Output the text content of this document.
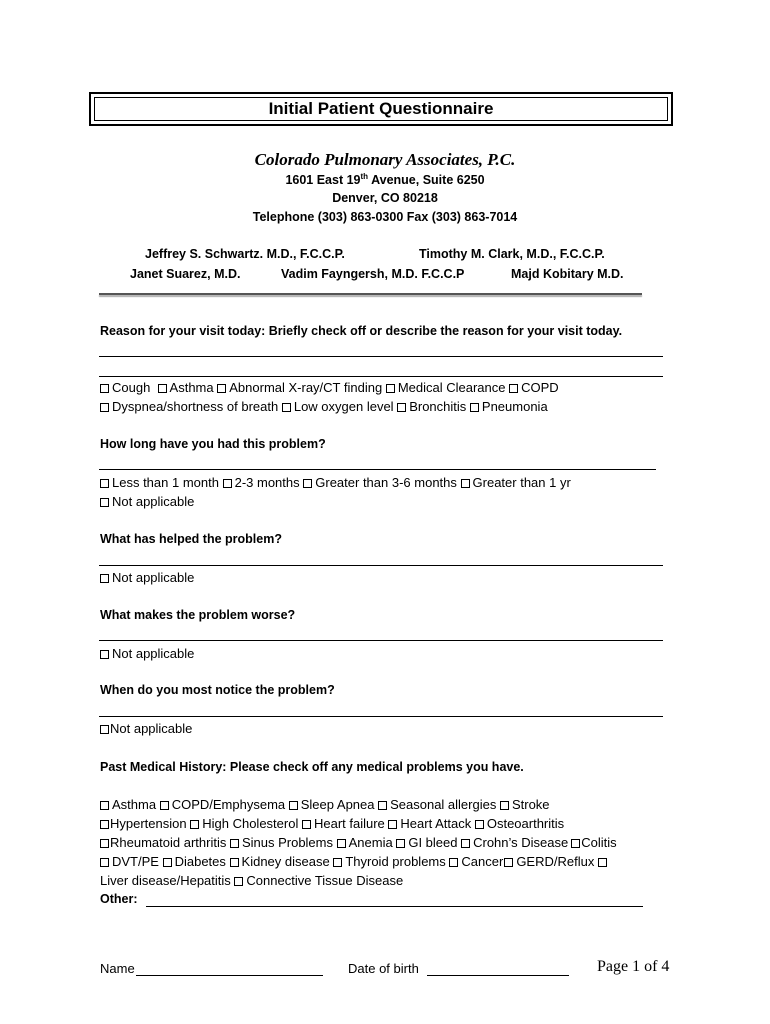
Initial Patient Questionnaire
Colorado Pulmonary Associates, P.C.
1601 East 19th Avenue, Suite 6250
Denver, CO 80218
Telephone (303) 863-0300 Fax (303) 863-7014
Jeffrey S. Schwartz. M.D., F.C.C.P.	Timothy M. Clark, M.D., F.C.C.P.
Janet Suarez, M.D.	Vadim Fayngersh, M.D. F.C.C.P	Majd Kobitary M.D.
Reason for your visit today: Briefly check off or describe the reason for your visit today.
Cough Asthma Abnormal X-ray/CT finding Medical Clearance COPD
Dyspnea/shortness of breath Low oxygen level Bronchitis Pneumonia
How long have you had this problem?
Less than 1 month 2-3 months Greater than 3-6 months Greater than 1 yr
Not applicable
What has helped the problem?
Not applicable
What makes the problem worse?
Not applicable
When do you most notice the problem?
Not applicable
Past Medical History: Please check off any medical problems you have.
Asthma COPD/Emphysema Sleep Apnea Seasonal allergies Stroke
Hypertension High Cholesterol Heart failure Heart Attack Osteoarthritis
Rheumatoid arthritis Sinus Problems Anemia GI bleed Crohn’s Disease Colitis
DVT/PE Diabetes Kidney disease Thyroid problems Cancer GERD/Reflux
Liver disease/Hepatitis Connective Tissue Disease
Other:
Name	Date of birth	Page 1 of 4
